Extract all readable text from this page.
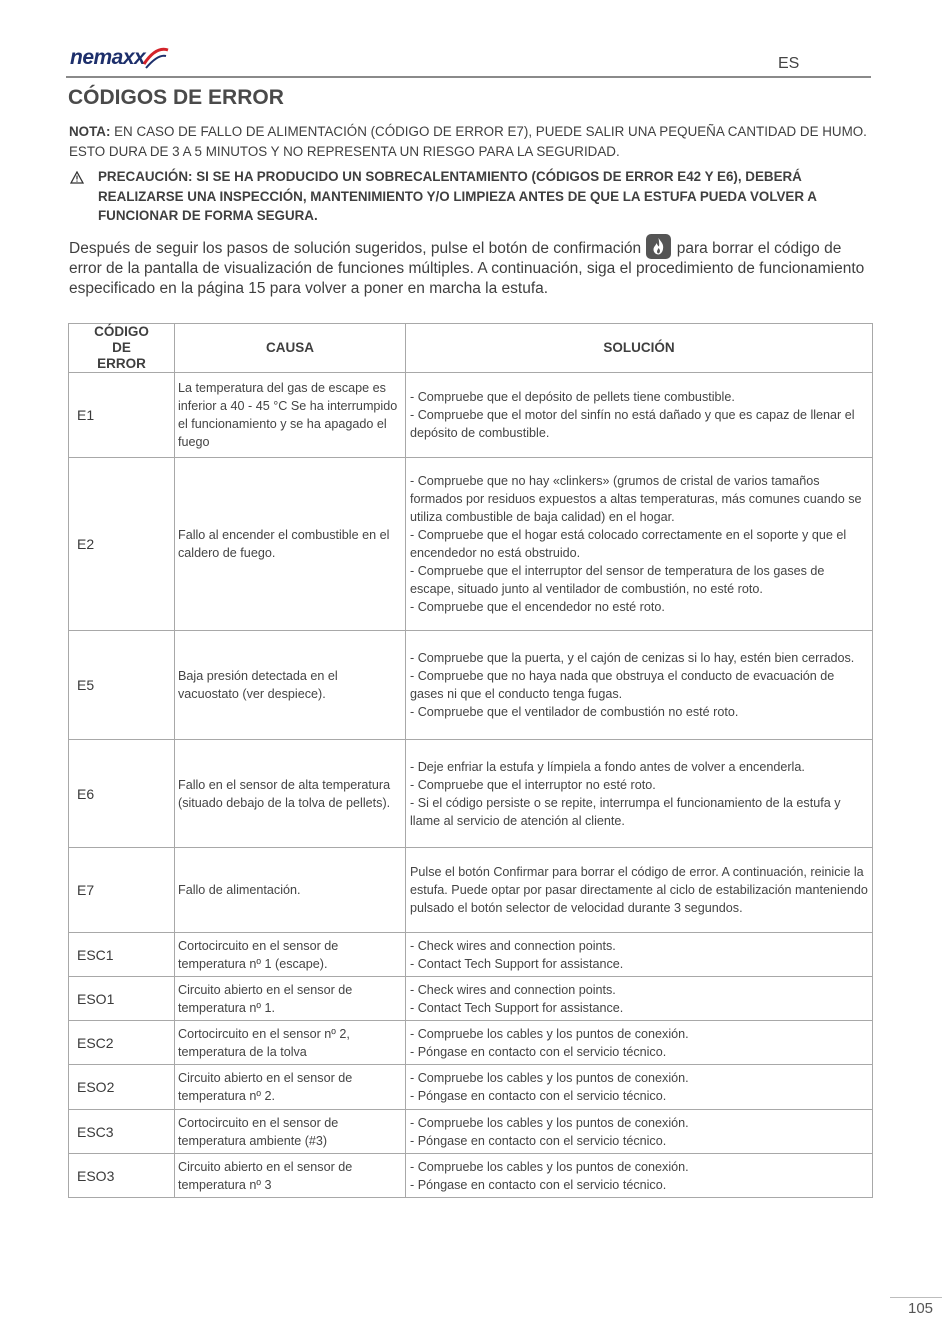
nemaxx	ES
CÓDIGOS DE ERROR
NOTA: EN CASO DE FALLO DE ALIMENTACIÓN (CÓDIGO DE ERROR E7), PUEDE SALIR UNA PEQUEÑA CANTIDAD DE HUMO. ESTO DURA DE 3 A 5 MINUTOS Y NO REPRESENTA UN RIESGO PARA LA SEGURIDAD.
PRECAUCIÓN: SI SE HA PRODUCIDO UN SOBRECALENTAMIENTO (CÓDIGOS DE ERROR E42 Y E6), DEBERÁ REALIZARSE UNA INSPECCIÓN, MANTENIMIENTO Y/O LIMPIEZA ANTES DE QUE LA ESTUFA PUEDA VOLVER A FUNCIONAR DE FORMA SEGURA.
Después de seguir los pasos de solución sugeridos, pulse el botón de confirmación
para borrar el código de error de la pantalla de visualización de funciones múltiples. A continuación, siga el procedimiento de funcionamiento especificado en la página 15 para volver a poner en marcha la estufa.
CÓDIGO DE ERROR	CAUSA	SOLUCIÓN
E1	La temperatura del gas de escape es inferior a 40 - 45 °C Se ha interrumpido el funcionamiento y se ha apagado el fuego	- Compruebe que el depósito de pellets tiene combustible.
- Compruebe que el motor del sinfín no está dañado y que es capaz de llenar el depósito de combustible.

E2	Fallo al encender el combustible en el caldero de fuego.	- Compruebe que no hay «clinkers» (grumos de cristal de varios tamaños formados por residuos expuestos a altas temperaturas, más comunes cuando se utiliza combustible de baja calidad) en el hogar.
- Compruebe que el hogar está colocado correctamente en el soporte y que el encendedor no está obstruido.
- Compruebe que el interruptor del sensor de temperatura de los gases de escape, situado junto al ventilador de combustión, no esté roto.
- Compruebe que el encendedor no esté roto.

E5	Baja presión detectada en el vacuostato (ver despiece).	- Compruebe que la puerta, y el cajón de cenizas si lo hay, estén bien cerrados.
- Compruebe que no haya nada que obstruya el conducto de evacuación de gases ni que el conducto tenga fugas.
- Compruebe que el ventilador de combustión no esté roto.

E6	Fallo en el sensor de alta temperatura (situado debajo de la tolva de pellets).	- Deje enfriar la estufa y límpiela a fondo antes de volver a encenderla.
- Compruebe que el interruptor no esté roto.
- Si el código persiste o se repite, interrumpa el funcionamiento de la estufa y llame al servicio de atención al cliente.

E7	Fallo de alimentación.	Pulse el botón Confirmar para borrar el código de error. A continuación, reinicie la estufa. Puede optar por pasar directamente al ciclo de estabilización manteniendo pulsado el botón selector de velocidad durante 3 segundos.

ESC1	Cortocircuito en el sensor de temperatura nº 1 (escape).	- Check wires and connection points.
- Contact Tech Support for assistance.

ESO1	Circuito abierto en el sensor de temperatura nº 1.	- Check wires and connection points.
- Contact Tech Support for assistance.

ESC2	Cortocircuito en el sensor nº 2, temperatura de la tolva	- Compruebe los cables y los puntos de conexión.
- Póngase en contacto con el servicio técnico.

ESO2	Circuito abierto en el sensor de temperatura nº 2.	- Compruebe los cables y los puntos de conexión.
- Póngase en contacto con el servicio técnico.

ESC3	Cortocircuito en el sensor de temperatura ambiente (#3)	- Compruebe los cables y los puntos de conexión.
- Póngase en contacto con el servicio técnico.

ESO3	Circuito abierto en el sensor de temperatura nº 3	- Compruebe los cables y los puntos de conexión.
- Póngase en contacto con el servicio técnico.
105
